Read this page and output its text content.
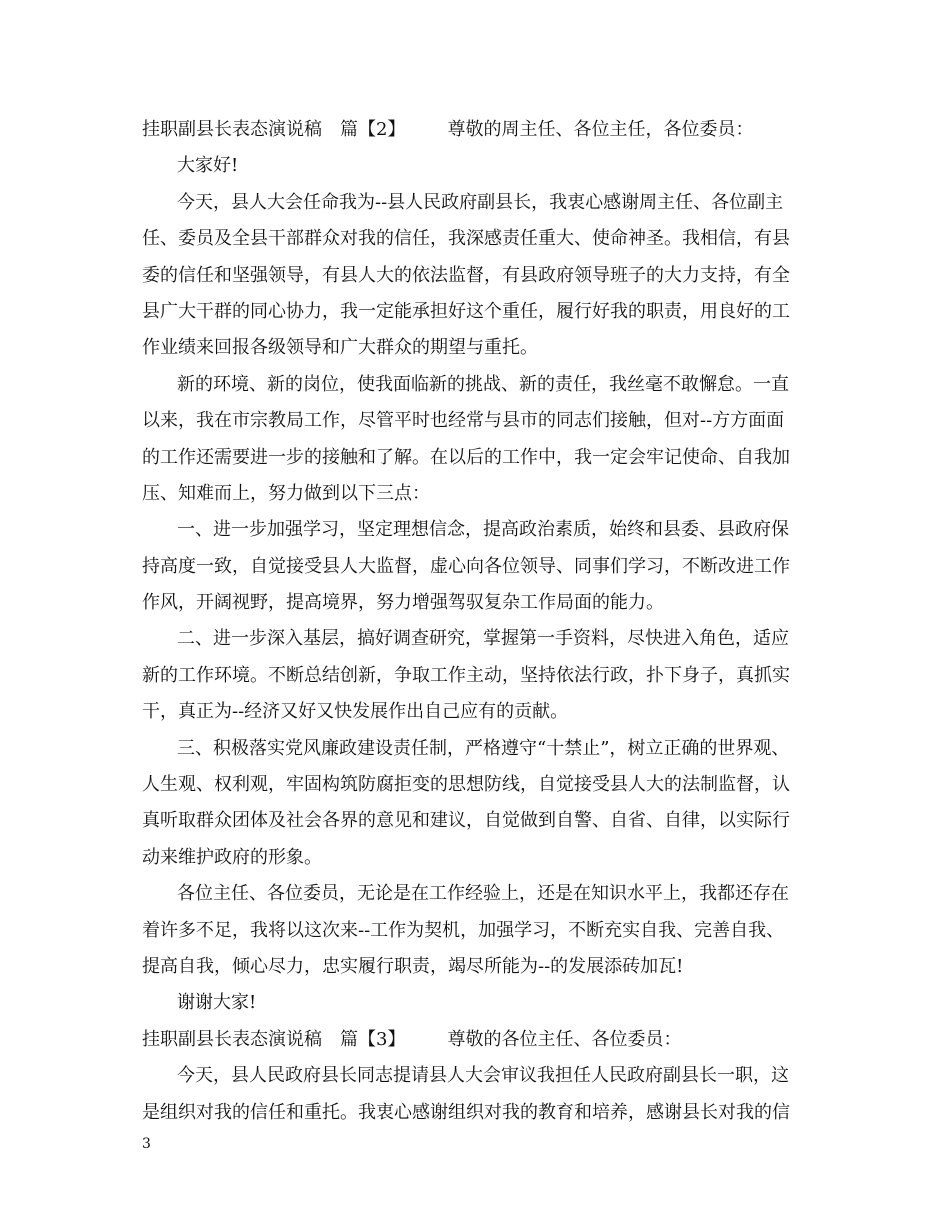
挂职副县长表态演说稿 篇【2】 尊敬的周主任、各位主任，各位委员：
大家好!
今天，县人大会任命我为--县人民政府副县长，我衷心感谢周主任、各位副主
任、委员及全县干部群众对我的信任，我深感责任重大、使命神圣。我相信，有县
委的信任和坚强领导，有县人大的依法监督，有县政府领导班子的大力支持，有全
县广大干群的同心协力，我一定能承担好这个重任，履行好我的职责，用良好的工
作业绩来回报各级领导和广大群众的期望与重托。
新的环境、新的岗位，使我面临新的挑战、新的责任，我丝毫不敢懈怠。一直
以来，我在市宗教局工作，尽管平时也经常与县市的同志们接触，但对--方方面面
的工作还需要进一步的接触和了解。在以后的工作中，我一定会牢记使命、自我加
压、知难而上，努力做到以下三点：
一、进一步加强学习，坚定理想信念，提高政治素质，始终和县委、县政府保
持高度一致，自觉接受县人大监督，虚心向各位领导、同事们学习，不断改进工作
作风，开阔视野，提高境界，努力增强驾驭复杂工作局面的能力。
二、进一步深入基层，搞好调查研究，掌握第一手资料，尽快进入角色，适应
新的工作环境。不断总结创新，争取工作主动，坚持依法行政，扑下身子，真抓实
干，真正为--经济又好又快发展作出自己应有的贡献。
三、积极落实党风廉政建设责任制，严格遵守“十禁止”，树立正确的世界观、
人生观、权利观，牢固构筑防腐拒变的思想防线，自觉接受县人大的法制监督，认
真听取群众团体及社会各界的意见和建议，自觉做到自警、自省、自律，以实际行
动来维护政府的形象。
各位主任、各位委员，无论是在工作经验上，还是在知识水平上，我都还存在
着许多不足，我将以这次来--工作为契机，加强学习，不断充实自我、完善自我、
提高自我，倾心尽力，忠实履行职责，竭尽所能为--的发展添砖加瓦!
谢谢大家!
挂职副县长表态演说稿 篇【3】 尊敬的各位主任、各位委员：
今天，县人民政府县长同志提请县人大会审议我担任人民政府副县长一职，这
是组织对我的信任和重托。我衷心感谢组织对我的教育和培养，感谢县长对我的信
3
